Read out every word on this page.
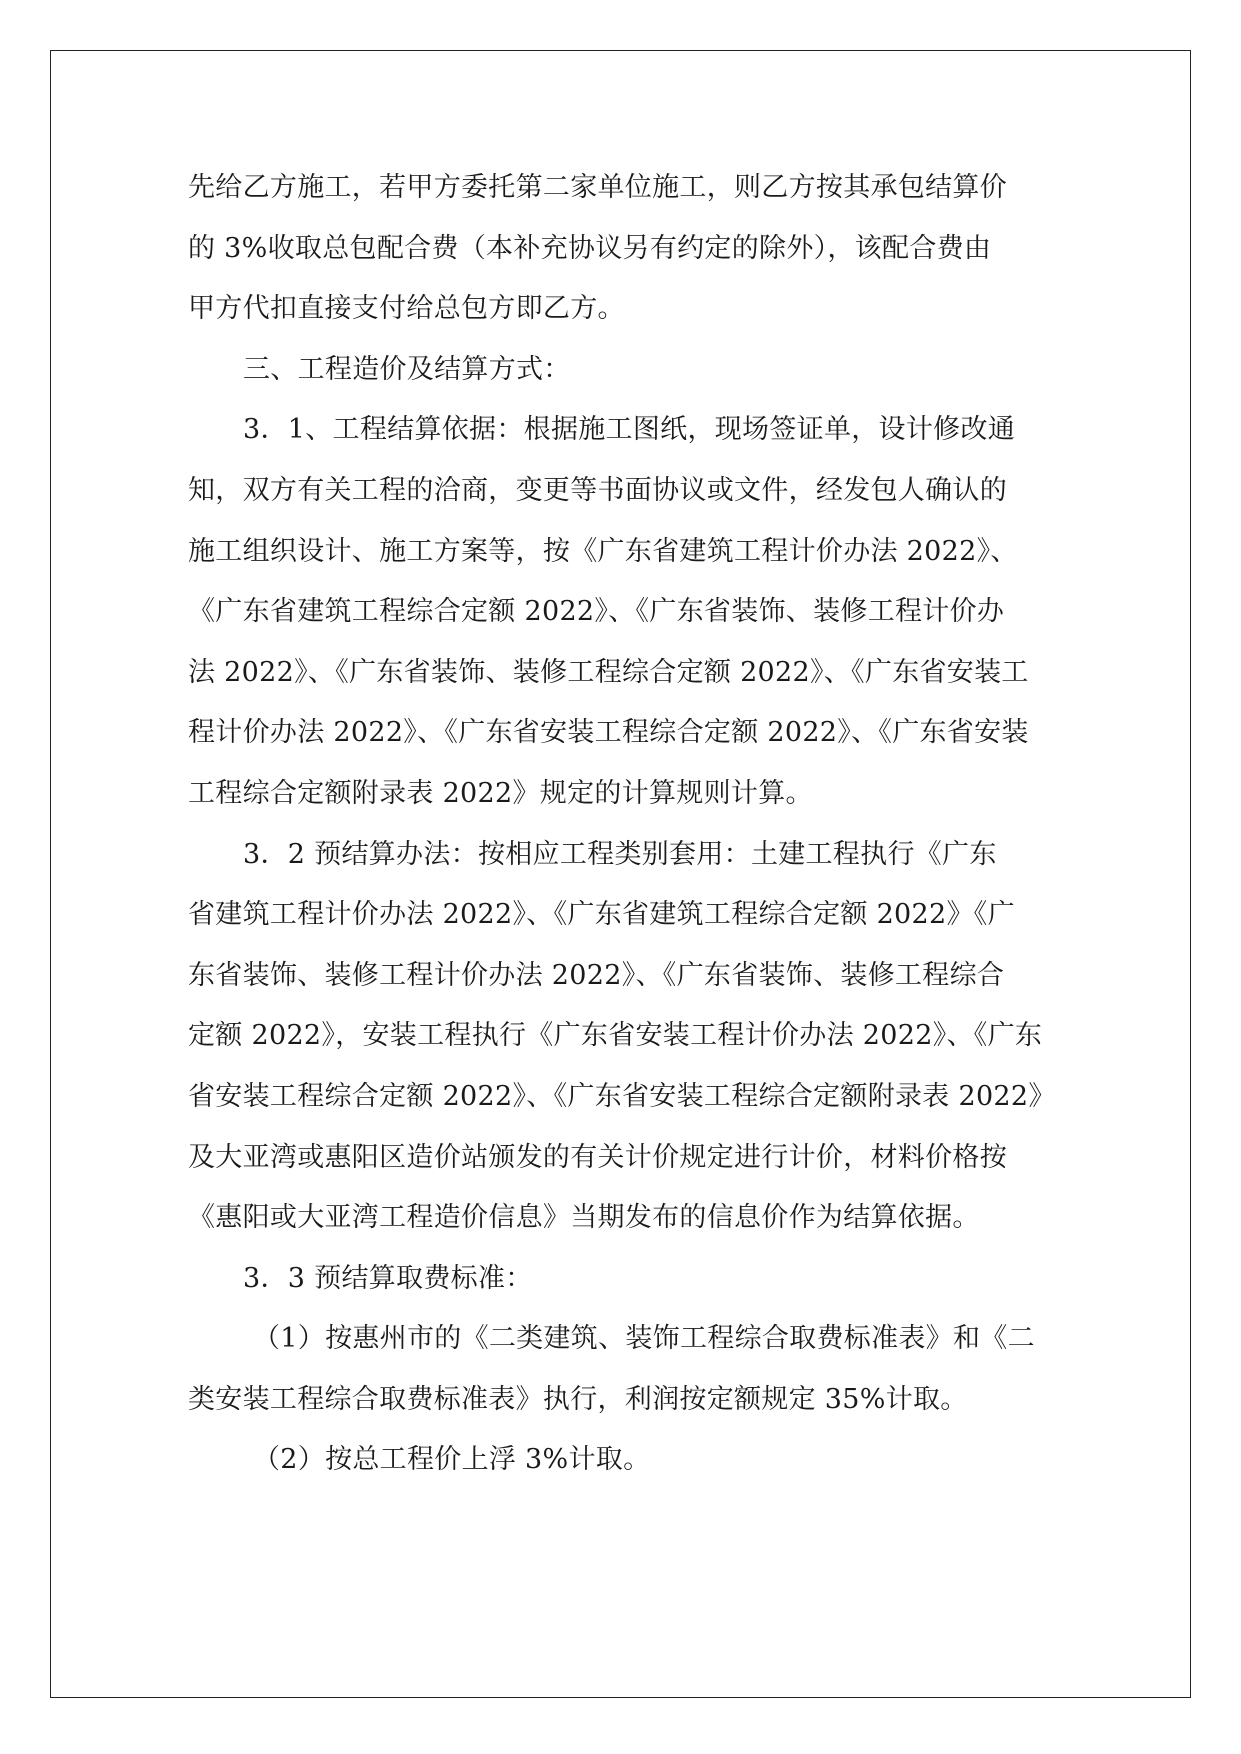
先给乙方施工，若甲方委托第二家单位施工，则乙方按其承包结算价
的 3%收取总包配合费（本补充协议另有约定的除外），该配合费由
甲方代扣直接支付给总包方即乙方。
三、工程造价及结算方式：
3．1、工程结算依据：根据施工图纸，现场签证单，设计修改通
知，双方有关工程的洽商，变更等书面协议或文件，经发包人确认的
施工组织设计、施工方案等，按《广东省建筑工程计价办法 2022》、
《广东省建筑工程综合定额 2022》、《广东省装饰、装修工程计价办
法 2022》、《广东省装饰、装修工程综合定额 2022》、《广东省安装工
程计价办法 2022》、《广东省安装工程综合定额 2022》、《广东省安装
工程综合定额附录表 2022》规定的计算规则计算。
3．2 预结算办法：按相应工程类别套用：土建工程执行《广东
省建筑工程计价办法 2022》、《广东省建筑工程综合定额 2022》《广
东省装饰、装修工程计价办法 2022》、《广东省装饰、装修工程综合
定额 2022》，安装工程执行《广东省安装工程计价办法 2022》、《广东
省安装工程综合定额 2022》、《广东省安装工程综合定额附录表 2022》
及大亚湾或惠阳区造价站颁发的有关计价规定进行计价，材料价格按
《惠阳或大亚湾工程造价信息》当期发布的信息价作为结算依据。
3．3 预结算取费标准：
（1）按惠州市的《二类建筑、装饰工程综合取费标准表》和《二
类安装工程综合取费标准表》执行，利润按定额规定 35%计取。
（2）按总工程价上浮 3%计取。
